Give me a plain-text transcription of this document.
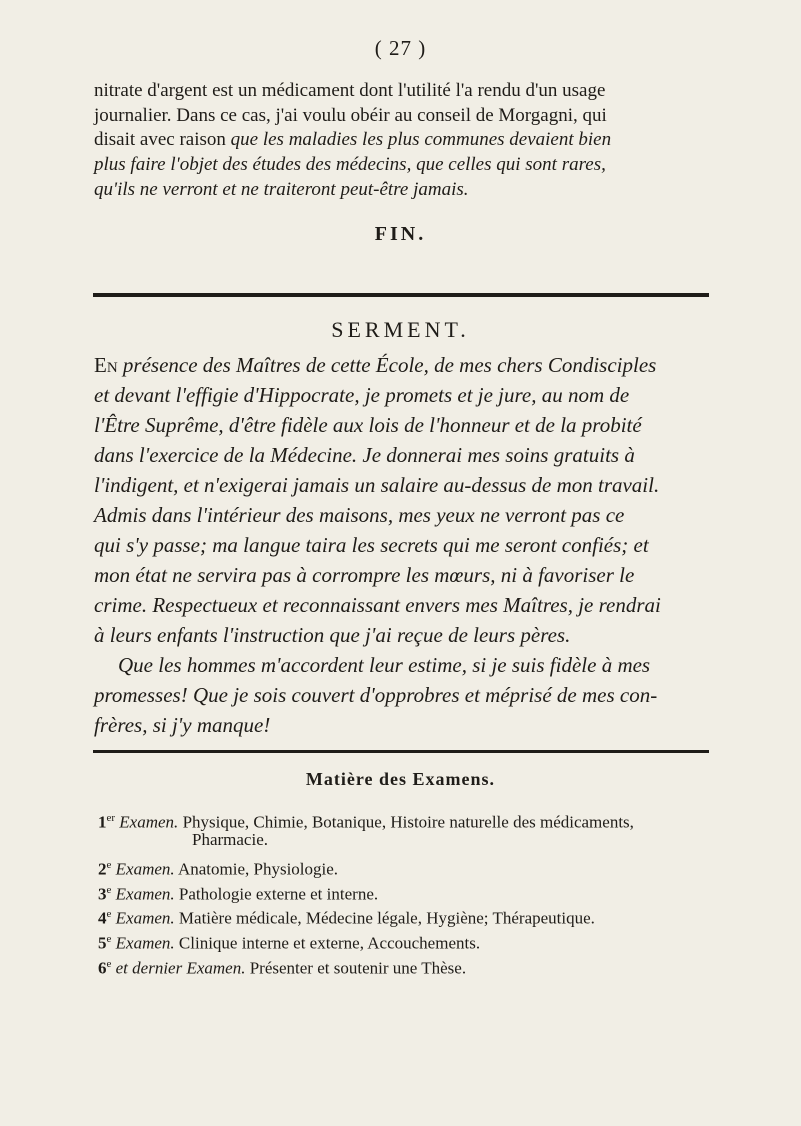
( 27 )
nitrate d'argent est un médicament dont l'utilité l'a rendu d'un usage
journalier. Dans ce cas, j'ai voulu obéir au conseil de Morgagni, qui
disait avec raison que les maladies les plus communes devaient bien
plus faire l'objet des études des médecins, que celles qui sont rares,
qu'ils ne verront et ne traiteront peut-être jamais.
FIN.
SERMENT.
En présence des Maîtres de cette École, de mes chers Condisciples
et devant l'effigie d'Hippocrate, je promets et je jure, au nom de
l'Être Suprême, d'être fidèle aux lois de l'honneur et de la probité
dans l'exercice de la Médecine. Je donnerai mes soins gratuits à
l'indigent, et n'exigerai jamais un salaire au-dessus de mon travail.
Admis dans l'intérieur des maisons, mes yeux ne verront pas ce
qui s'y passe; ma langue taira les secrets qui me seront confiés; et
mon état ne servira pas à corrompre les mœurs, ni à favoriser le
crime. Respectueux et reconnaissant envers mes Maîtres, je rendrai
à leurs enfants l'instruction que j'ai reçue de leurs pères.
Que les hommes m'accordent leur estime, si je suis fidèle à mes
promesses! Que je sois couvert d'opprobres et méprisé de mes con-
frères, si j'y manque!
Matière des Examens.
1er Examen. Physique, Chimie, Botanique, Histoire naturelle des médicaments,
Pharmacie.
2e Examen. Anatomie, Physiologie.
3e Examen. Pathologie externe et interne.
4e Examen. Matière médicale, Médecine légale, Hygiène; Thérapeutique.
5e Examen. Clinique interne et externe, Accouchements.
6e et dernier Examen. Présenter et soutenir une Thèse.
